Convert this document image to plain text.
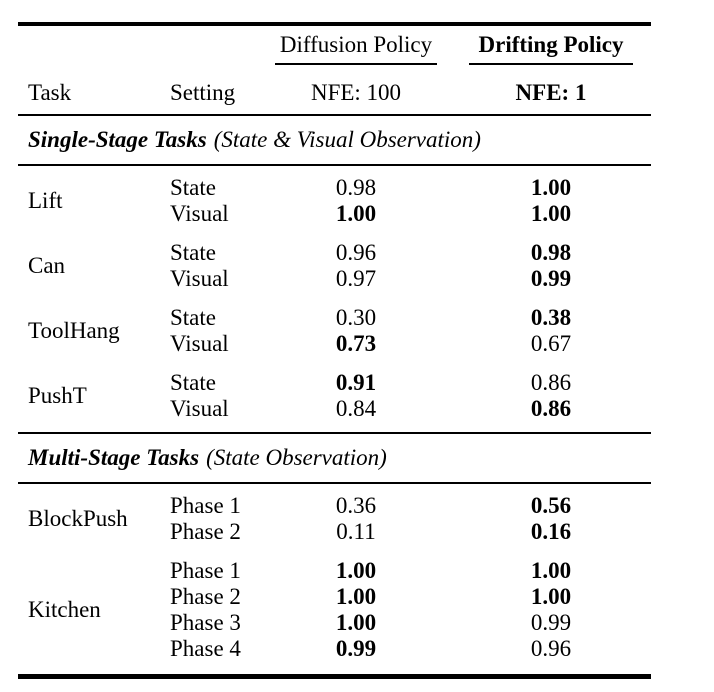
		Diffusion Policy	Drifting Policy

Task	Setting	NFE: 100	NFE: 1

Single-Stage Tasks (State & Visual Observation)			

Lift	State	0.98	1.00
	Visual	1.00	1.00

Can	State	0.96	0.98
	Visual	0.97	0.99

ToolHang	State	0.30	0.38
	Visual	0.73	0.67

PushT	State	0.91	0.86
	Visual	0.84	0.86

Multi-Stage Tasks (State Observation)			

BlockPush	Phase 1	0.36	0.56
	Phase 2	0.11	0.16

Kitchen	Phase 1	1.00	1.00
	Phase 2	1.00	1.00
	Phase 3	1.00	0.99
	Phase 4	0.99	0.96
